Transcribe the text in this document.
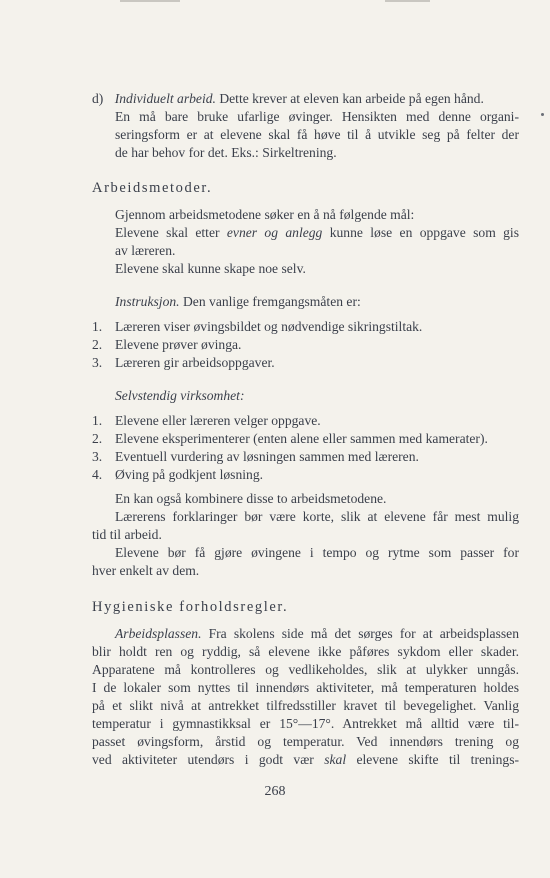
d) Individuelt arbeid. Dette krever at eleven kan arbeide på egen hånd.
En må bare bruke ufarlige øvinger. Hensikten med denne organi-
seringsform er at elevene skal få høve til å utvikle seg på felter der
de har behov for det. Eks.: Sirkeltrening.
Arbeidsmetoder.
Gjennom arbeidsmetodene søker en å nå følgende mål:
Elevene skal etter evner og anlegg kunne løse en oppgave som gis
av læreren.
Elevene skal kunne skape noe selv.
Instruksjon. Den vanlige fremgangsmåten er:
1. Læreren viser øvingsbildet og nødvendige sikringstiltak.
2. Elevene prøver øvinga.
3. Læreren gir arbeidsoppgaver.
Selvstendig virksomhet:
1. Elevene eller læreren velger oppgave.
2. Elevene eksperimenterer (enten alene eller sammen med kamerater).
3. Eventuell vurdering av løsningen sammen med læreren.
4. Øving på godkjent løsning.
En kan også kombinere disse to arbeidsmetodene.
Lærerens forklaringer bør være korte, slik at elevene får mest mulig
tid til arbeid.
Elevene bør få gjøre øvingene i tempo og rytme som passer for
hver enkelt av dem.
Hygieniske forholdsregler.
Arbeidsplassen. Fra skolens side må det sørges for at arbeidsplassen
blir holdt ren og ryddig, så elevene ikke påføres sykdom eller skader.
Apparatene må kontrolleres og vedlikeholdes, slik at ulykker unngås.
I de lokaler som nyttes til innendørs aktiviteter, må temperaturen holdes
på et slikt nivå at antrekket tilfredsstiller kravet til bevegelighet. Vanlig
temperatur i gymnastikksal er 15°—17°. Antrekket må alltid være til-
passet øvingsform, årstid og temperatur. Ved innendørs trening og
ved aktiviteter utendørs i godt vær skal elevene skifte til trenings-
268
